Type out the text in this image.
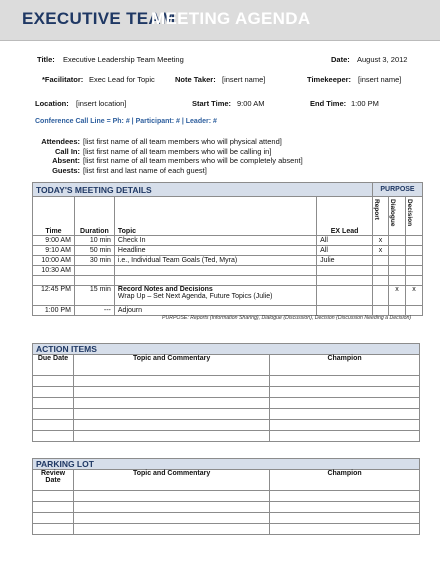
EXECUTIVE TEAM
MEETING AGENDA
Title: Executive Leadership Team Meeting	Date: August 3, 2012
*Facilitator: Exec Lead for Topic	Note Taker: [insert name]	Timekeeper: [insert name]
Location: [insert location]	Start Time: 9:00 AM	End Time: 1:00 PM
Conference Call Line = Ph: # | Participant: # | Leader: #
Attendees: [list first name of all team members who will physical attend]
Call In: [list first name of all team members who will be calling in]
Absent: [list first name of all team members who will be completely absent]
Guests: [list first and last name of each guest]
TODAY'S MEETING DETAILS				PURPOSE		
Time	Duration	Topic	EX Lead	Report	Dialogue	Decision
9:00 AM	10 min	Check In	All	x		
9:10 AM	50 min	Headline	All	x		
10:00 AM	30 min	i.e., Individual Team Goals (Ted, Myra)	Julie			
10:30 AM						

12:45 PM	15 min	Record Notes and Decisions
Wrap Up – Set Next Agenda, Future Topics (Julie)			x	x
1:00 PM	---	Adjourn				
PURPOSE: Reports (Information Sharing), Dialogue (Discussion), Decision (Discussion Needing a Decision)
ACTION ITEMS		
Due Date	Topic and Commentary	Champion

PARKING LOT		
Review Date	Topic and Commentary	Champion
